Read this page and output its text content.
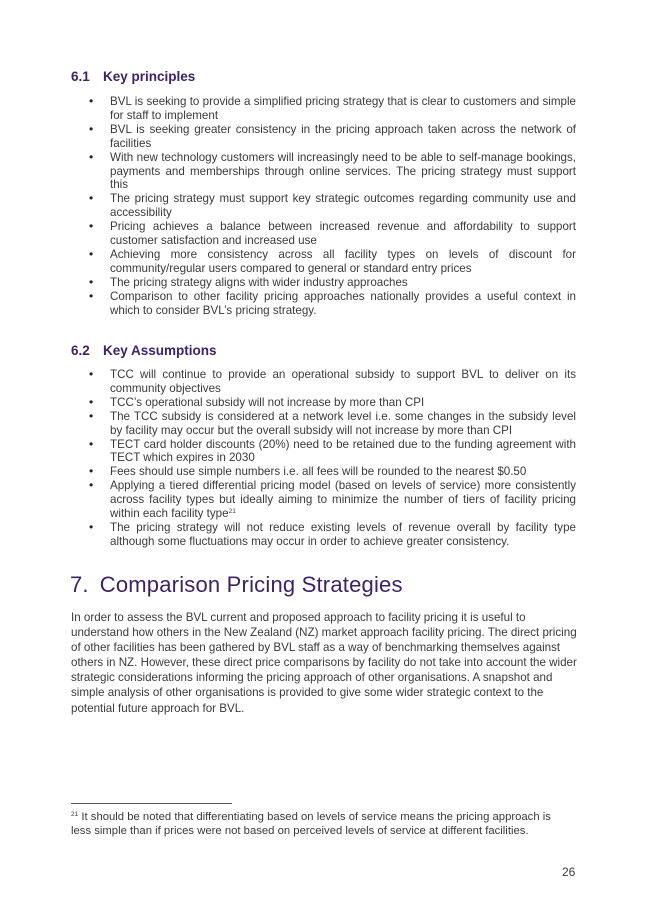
6.1 Key principles
• BVL is seeking to provide a simplified pricing strategy that is clear to customers and simple for staff to implement
• BVL is seeking greater consistency in the pricing approach taken across the network of facilities
• With new technology customers will increasingly need to be able to self-manage bookings, payments and memberships through online services. The pricing strategy must support this
• The pricing strategy must support key strategic outcomes regarding community use and accessibility
• Pricing achieves a balance between increased revenue and affordability to support customer satisfaction and increased use
• Achieving more consistency across all facility types on levels of discount for community/regular users compared to general or standard entry prices
• The pricing strategy aligns with wider industry approaches
• Comparison to other facility pricing approaches nationally provides a useful context in which to consider BVL’s pricing strategy.
6.2 Key Assumptions
• TCC will continue to provide an operational subsidy to support BVL to deliver on its community objectives
• TCC’s operational subsidy will not increase by more than CPI
• The TCC subsidy is considered at a network level i.e. some changes in the subsidy level by facility may occur but the overall subsidy will not increase by more than CPI
• TECT card holder discounts (20%) need to be retained due to the funding agreement with TECT which expires in 2030
• Fees should use simple numbers i.e. all fees will be rounded to the nearest $0.50
• Applying a tiered differential pricing model (based on levels of service) more consistently across facility types but ideally aiming to minimize the number of tiers of facility pricing within each facility type$^{21}$
• The pricing strategy will not reduce existing levels of revenue overall by facility type although some fluctuations may occur in order to achieve greater consistency.
7. Comparison Pricing Strategies

In order to assess the BVL current and proposed approach to facility pricing it is useful to understand how others in the New Zealand (NZ) market approach facility pricing. The direct pricing of other facilities has been gathered by BVL staff as a way of benchmarking themselves against others in NZ. However, these direct price comparisons by facility do not take into account the wider strategic considerations informing the pricing approach of other organisations. A snapshot and simple analysis of other organisations is provided to give some wider strategic context to the potential future approach for BVL.

$^{21}$ It should be noted that differentiating based on levels of service means the pricing approach is less simple than if prices were not based on perceived levels of service at different facilities.

26
